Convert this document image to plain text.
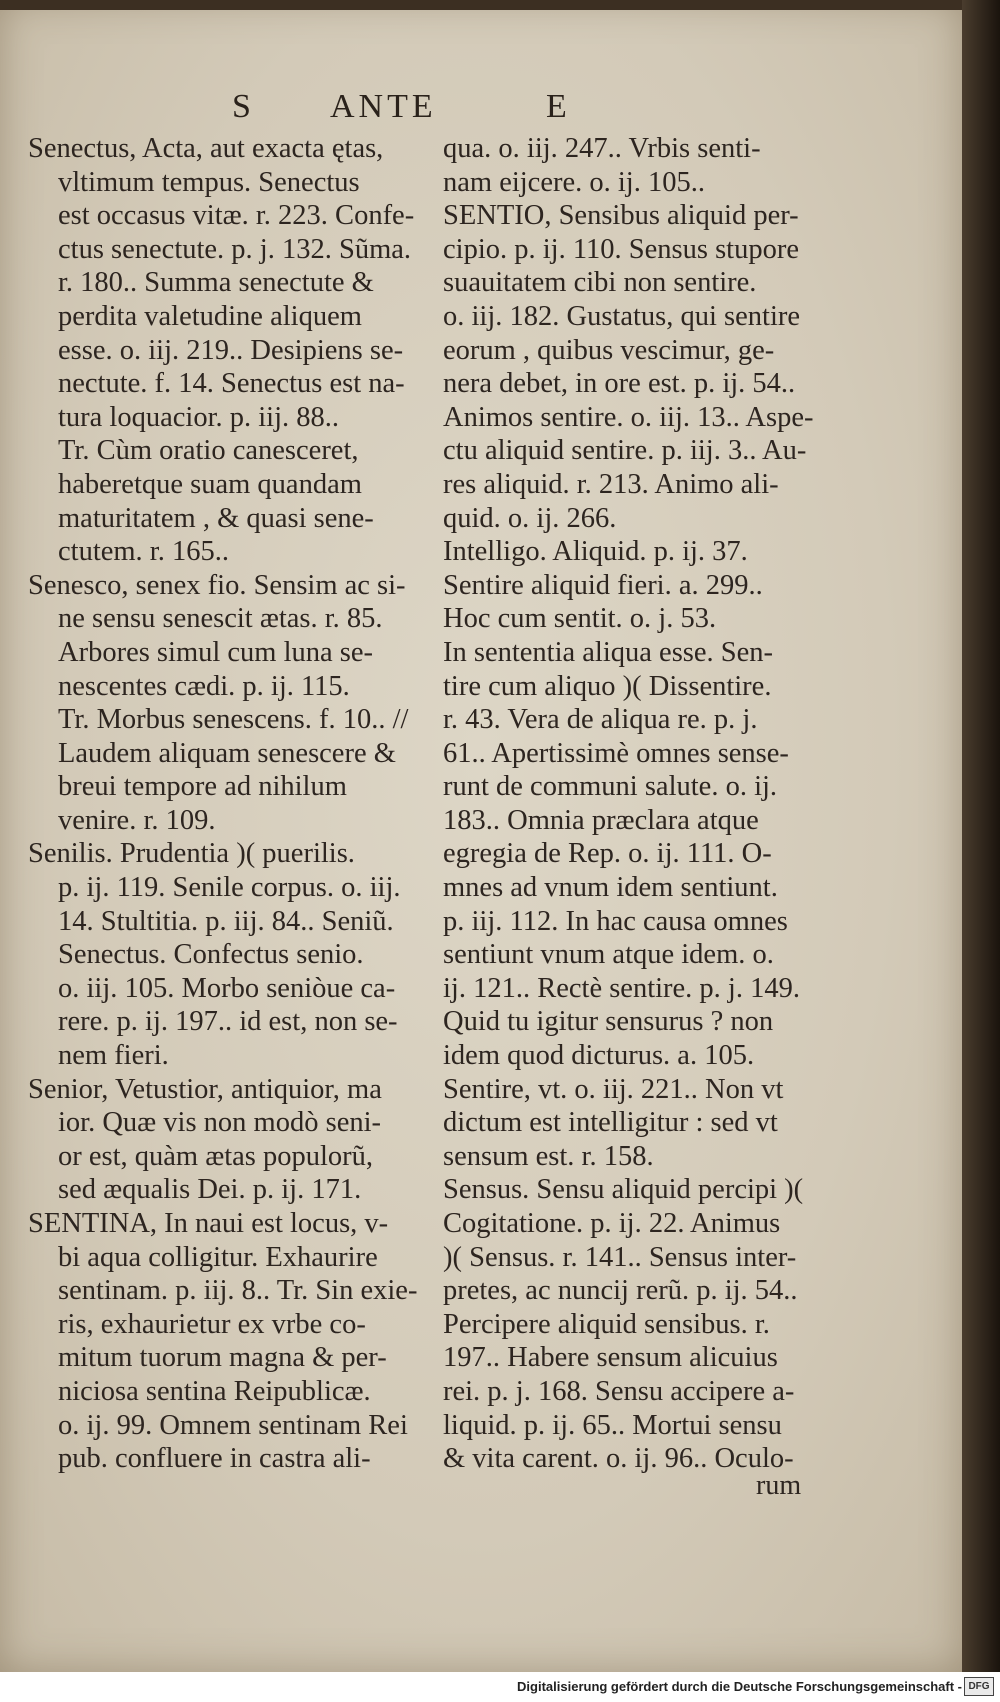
S ANTE	E
Senectus, Acta, aut exacta ętas,
vltimum tempus. Senectus
est occasus vitæ. r. 223. Confe-
ctus senectute. p. j. 132. Sũma.
r. 180.. Summa senectute &
perdita valetudine aliquem
esse. o. iij. 219.. Desipiens se-
nectute. f. 14. Senectus est na-
tura loquacior. p. iij. 88..
Tr. Cùm oratio canesceret,
haberetque suam quandam
maturitatem , & quasi sene-
ctutem. r. 165..
Senesco, senex fio. Sensim ac si-
ne sensu senescit ætas. r. 85.
Arbores simul cum luna se-
nescentes cædi. p. ij. 115.
Tr. Morbus senescens. f. 10.. //
Laudem aliquam senescere &
breui tempore ad nihilum
venire. r. 109.
Senilis. Prudentia )( puerilis.
p. ij. 119. Senile corpus. o. iij.
14. Stultitia. p. iij. 84.. Seniũ.
Senectus. Confectus senio.
o. iij. 105. Morbo seniòue ca-
rere. p. ij. 197.. id est, non se-
nem fieri.
Senior, Vetustior, antiquior, ma
ior. Quæ vis non modò seni-
or est, quàm ætas populorũ,
sed æqualis Dei. p. ij. 171.
SENTINA, In naui est locus, v-
bi aqua colligitur. Exhaurire
sentinam. p. iij. 8.. Tr. Sin exie-
ris, exhaurietur ex vrbe co-
mitum tuorum magna & per-
niciosa sentina Reipublicæ.
o. ij. 99. Omnem sentinam Rei
pub. confluere in castra ali-
qua. o. iij. 247.. Vrbis senti-
nam eijcere. o. ij. 105..
SENTIO, Sensibus aliquid per-
cipio. p. ij. 110. Sensus stupore
suauitatem cibi non sentire.
o. iij. 182. Gustatus, qui sentire
eorum , quibus vescimur, ge-
nera debet, in ore est. p. ij. 54..
Animos sentire. o. iij. 13.. Aspe-
ctu aliquid sentire. p. iij. 3.. Au-
res aliquid. r. 213. Animo ali-
quid. o. ij. 266.
Intelligo. Aliquid. p. ij. 37.
Sentire aliquid fieri. a. 299..
Hoc cum sentit. o. j. 53.
In sententia aliqua esse. Sen-
tire cum aliquo )( Dissentire.
r. 43. Vera de aliqua re. p. j.
61.. Apertissimè omnes sense-
runt de communi salute. o. ij.
183.. Omnia præclara atque
egregia de Rep. o. ij. 111. O-
mnes ad vnum idem sentiunt.
p. iij. 112. In hac causa omnes
sentiunt vnum atque idem. o.
ij. 121.. Rectè sentire. p. j. 149.
Quid tu igitur sensurus ? non
idem quod dicturus. a. 105.
Sentire, vt. o. iij. 221.. Non vt
dictum est intelligitur : sed vt
sensum est. r. 158.
Sensus. Sensu aliquid percipi )(
Cogitatione. p. ij. 22. Animus
)( Sensus. r. 141.. Sensus inter-
pretes, ac nuncij rerũ. p. ij. 54..
Percipere aliquid sensibus. r.
197.. Habere sensum alicuius
rei. p. j. 168. Sensu accipere a-
liquid. p. ij. 65.. Mortui sensu
& vita carent. o. ij. 96.. Oculo-
rum
Digitalisierung gefördert durch die Deutsche Forschungsgemeinschaft - DFG
